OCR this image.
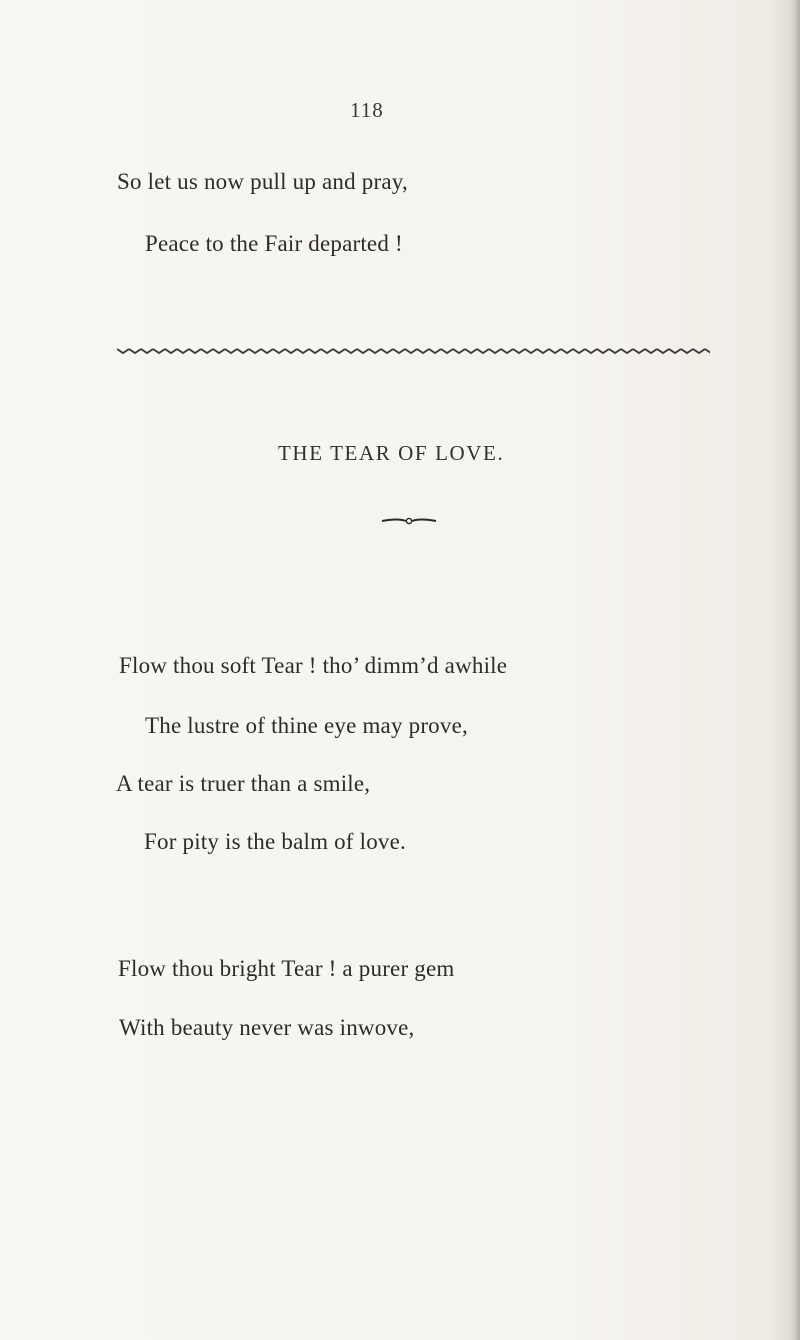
118
So let us now pull up and pray,
Peace to the Fair departed !
THE TEAR OF LOVE.
Flow thou soft Tear ! tho’ dimm’d awhile
The lustre of thine eye may prove,
A tear is truer than a smile,
For pity is the balm of love.
Flow thou bright Tear ! a purer gem
With beauty never was inwove,
